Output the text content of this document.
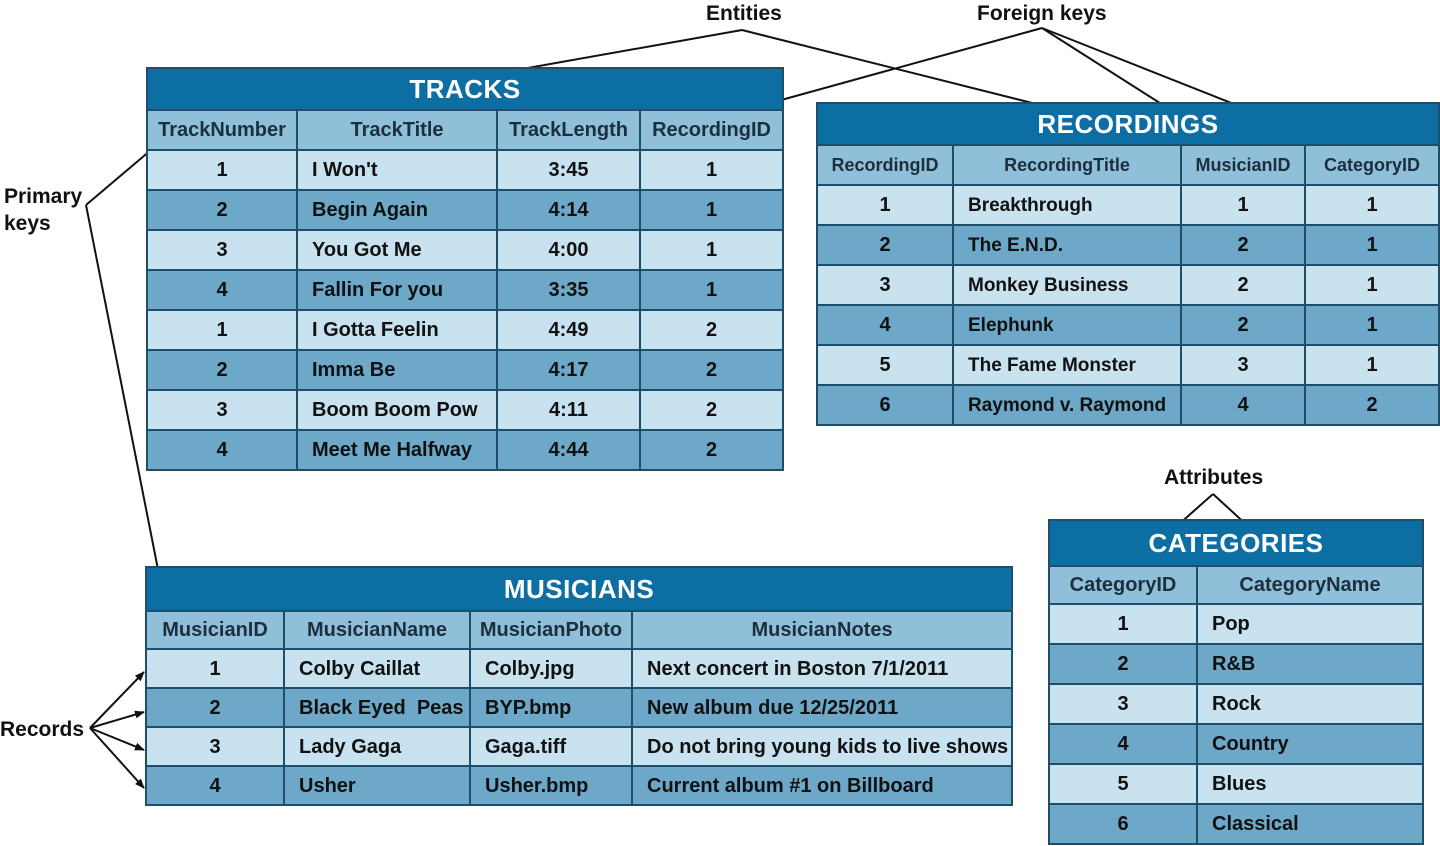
Entities	Foreign keys
Primary
keys
Attributes
Records
TRACKS			
TrackNumber	TrackTitle	TrackLength	RecordingID
1	I Won't	3:45	1
2	Begin Again	4:14	1
3	You Got Me	4:00	1
4	Fallin For you	3:35	1
1	I Gotta Feelin	4:49	2
2	Imma Be	4:17	2
3	Boom Boom Pow	4:11	2
4	Meet Me Halfway	4:44	2
RECORDINGS			
RecordingID	RecordingTitle	MusicianID	CategoryID
1	Breakthrough	1	1
2	The E.N.D.	2	1
3	Monkey Business	2	1
4	Elephunk	2	1
5	The Fame Monster	3	1
6	Raymond v. Raymond	4	2
MUSICIANS			
MusicianID	MusicianName	MusicianPhoto	MusicianNotes
1	Colby Caillat	Colby.jpg	Next concert in Boston 7/1/2011
2	Black Eyed  Peas	BYP.bmp	New album due 12/25/2011
3	Lady Gaga	Gaga.tiff	Do not bring young kids to live shows
4	Usher	Usher.bmp	Current album #1 on Billboard
CATEGORIES	
CategoryID	CategoryName
1	Pop
2	R&B
3	Rock
4	Country
5	Blues
6	Classical
